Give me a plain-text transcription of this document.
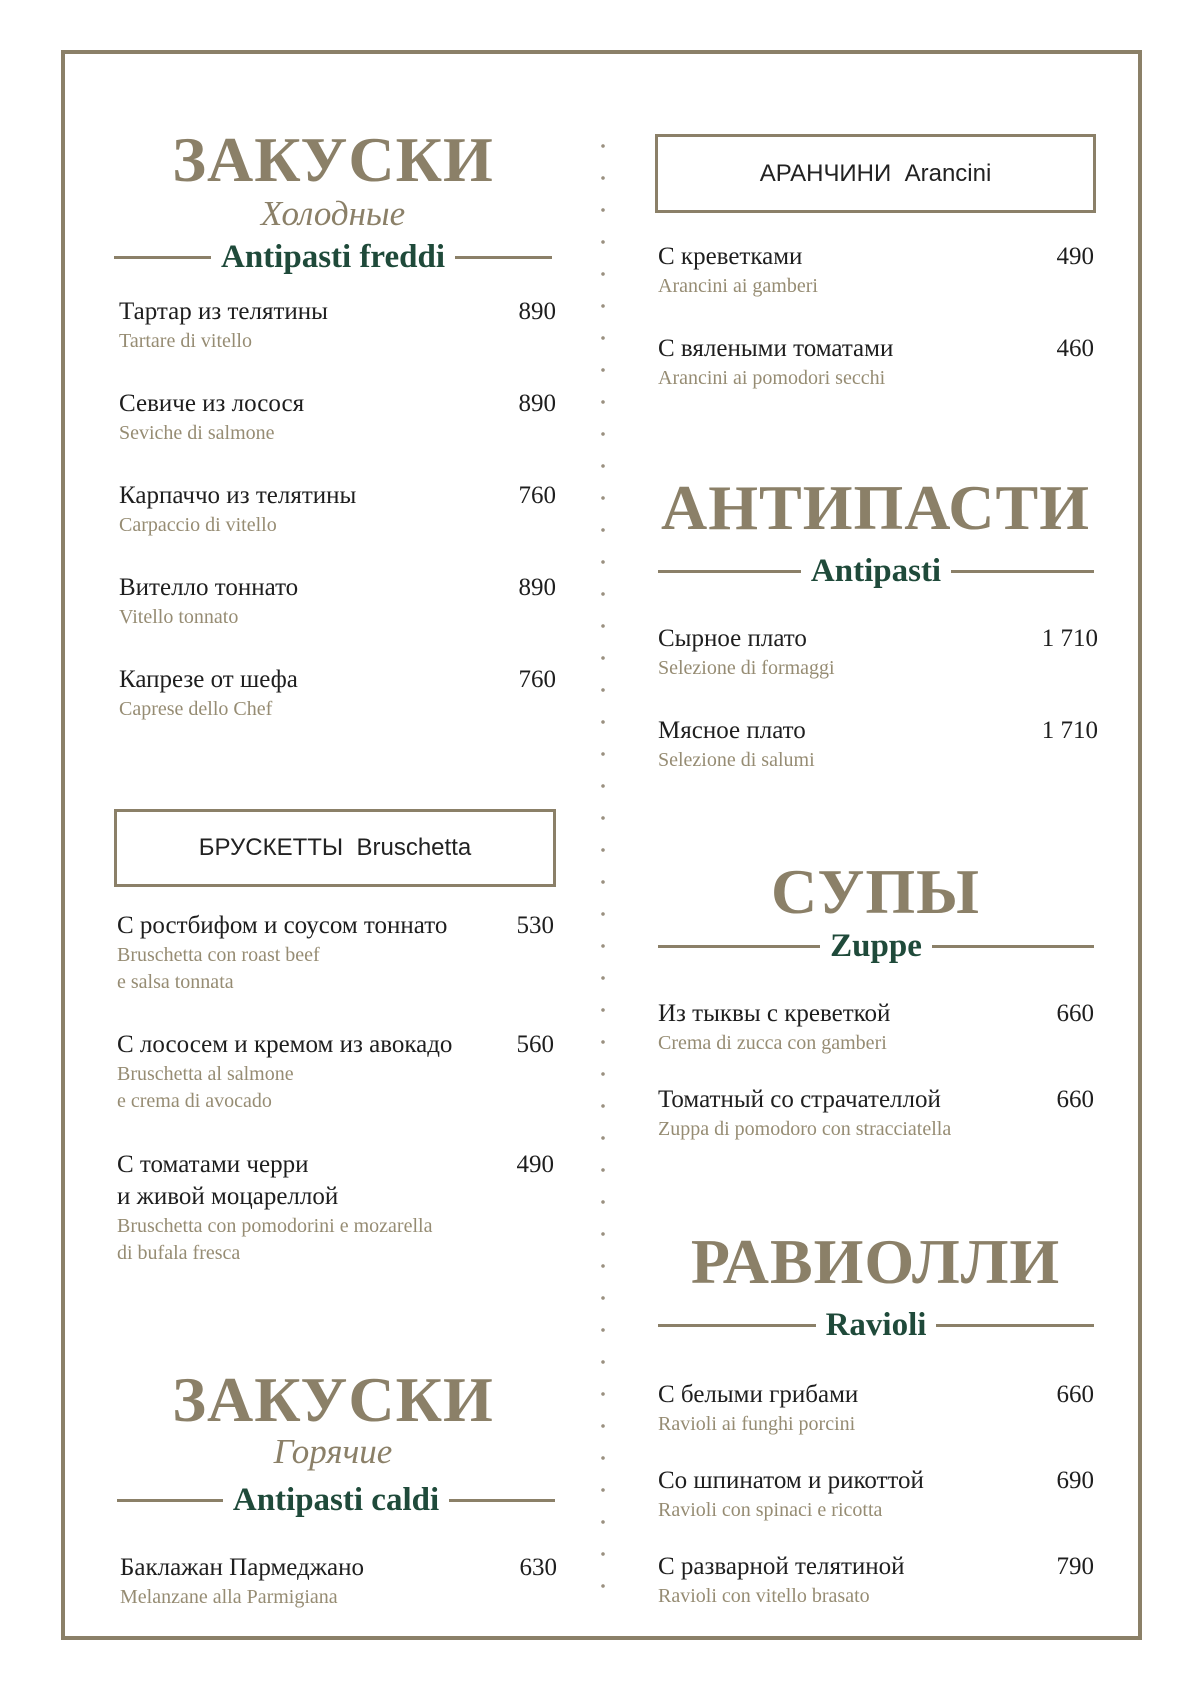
ЗАКУСКИ
Холодные
Antipasti freddi
Тартар из телятины
Tartare di vitello
890
Севиче из лосося
Seviche di salmone
890
Карпаччо из телятины
Carpaccio di vitello
760
Вителло тоннато
Vitello tonnato
890
Капрезе от шефа
Caprese dello Chef
760
БРУСКЕТТЫ  Bruschetta
С ростбифом и соусом тоннато
Bruschetta con roast beef
е salsa tonnata
530
С лососем и кремом из авокадо
Bruschetta al salmone
е crema di avocado
560
С томатами черри
и живой моцареллой
Bruschetta con pomodorini e mozarella
di bufala fresca
490
ЗАКУСКИ
Горячие
Antipasti caldi
Баклажан Пармеджано
Melanzane alla Parmigiana
630
АРАНЧИНИ  Arancini
С креветками
Arancini ai gamberi
490
С вялеными томатами
Arancini ai pomodori secchi
460
АНТИПАСТИ
Antipasti
Сырное плато
Selezione di formaggi
1 710
Мясное плато
Selezione di salumi
1 710
СУПЫ
Zuppe
Из тыквы с креветкой
Crema di zucca con gamberi
660
Томатный со страчателлой
Zuppa di pomodoro con stracciatella
660
РАВИОЛЛИ
Ravioli
С белыми грибами
Ravioli ai funghi porcini
660
Со шпинатом и рикоттой
Ravioli con spinaci e ricotta
690
С разварной телятиной
Ravioli con vitello brasato
790
